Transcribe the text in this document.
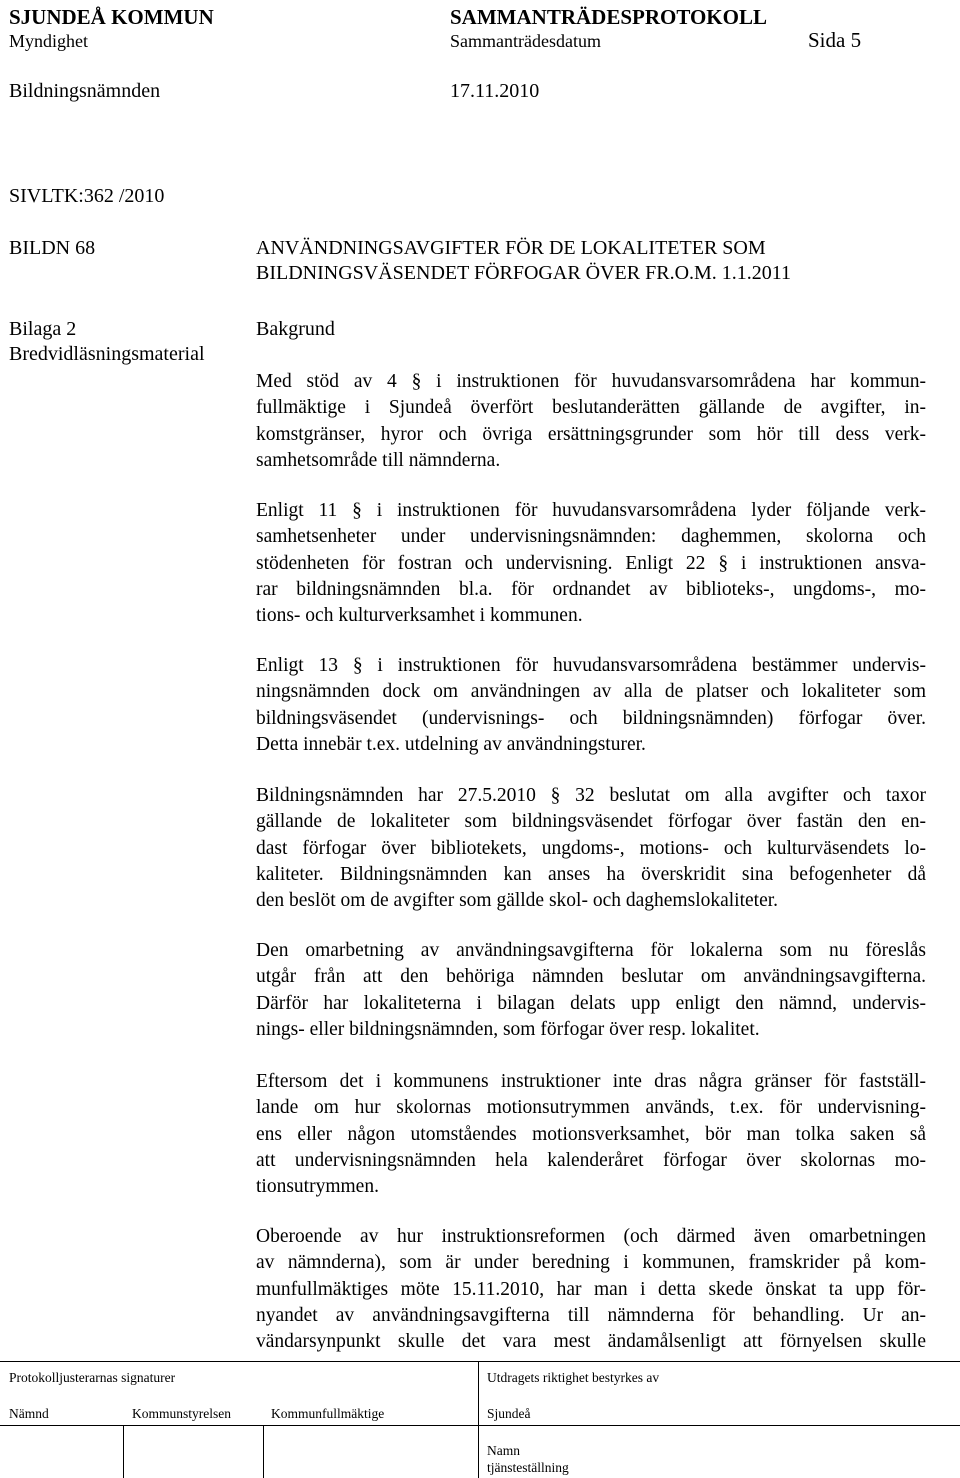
SJUNDEÅ KOMMUN	SAMMANTRÄDESPROTOKOLL
Myndighet	Sammanträdesdatum	Sida 5
Bildningsnämnden	17.11.2010
SIVLTK:362 /2010
BILDN 68
Bilaga 2
Bredvidläsningsmaterial
ANVÄNDNINGSAVGIFTER FÖR DE LOKALITETER SOM
BILDNINGSVÄSENDET FÖRFOGAR ÖVER FR.O.M. 1.1.2011
Bakgrund
Med stöd av 4 § i instruktionen för huvudansvarsområdena har kommun-
fullmäktige i Sjundeå överfört beslutanderätten gällande de avgifter, in-
komstgränser, hyror och övriga ersättningsgrunder som hör till dess verk-
samhetsområde till nämnderna.
Enligt 11 § i instruktionen för huvudansvarsområdena lyder följande verk-
samhetsenheter under undervisningsnämnden: daghemmen, skolorna och
stödenheten för fostran och undervisning. Enligt 22 § i instruktionen ansva-
rar bildningsnämnden bl.a. för ordnandet av biblioteks-, ungdoms-, mo-
tions- och kulturverksamhet i kommunen.
Enligt 13 § i instruktionen för huvudansvarsområdena bestämmer undervis-
ningsnämnden dock om användningen av alla de platser och lokaliteter som
bildningsväsendet (undervisnings- och bildningsnämnden) förfogar över.
Detta innebär t.ex. utdelning av användningsturer.
Bildningsnämnden har 27.5.2010 § 32 beslutat om alla avgifter och taxor
gällande de lokaliteter som bildningsväsendet förfogar över fastän den en-
dast förfogar över bibliotekets, ungdoms-, motions- och kulturväsendets lo-
kaliteter. Bildningsnämnden kan anses ha överskridit sina befogenheter då
den beslöt om de avgifter som gällde skol- och daghemslokaliteter.
Den omarbetning av användningsavgifterna för lokalerna som nu föreslås
utgår från att den behöriga nämnden beslutar om användningsavgifterna.
Därför har lokaliteterna i bilagan delats upp enligt den nämnd, undervis-
nings- eller bildningsnämnden, som förfogar över resp. lokalitet.
Eftersom det i kommunens instruktioner inte dras några gränser för fastställ-
lande om hur skolornas motionsutrymmen används, t.ex. för undervisning-
ens eller någon utomståendes motionsverksamhet, bör man tolka saken så
att undervisningsnämnden hela kalenderåret förfogar över skolornas mo-
tionsutrymmen.
Oberoende av hur instruktionsreformen (och därmed även omarbetningen
av nämnderna), som är under beredning i kommunen, framskrider på kom-
munfullmäktiges möte 15.11.2010, har man i detta skede önskat ta upp för-
nyandet av användningsavgifterna till nämnderna för behandling. Ur an-
vändarsynpunkt skulle det vara mest ändamålsenligt att förnyelsen skulle
Protokolljusterarnas signaturer	Utdragets riktighet bestyrkes av
Nämnd	Kommunstyrelsen	Kommunfullmäktige	Sjundeå
Namn
tjänsteställning
